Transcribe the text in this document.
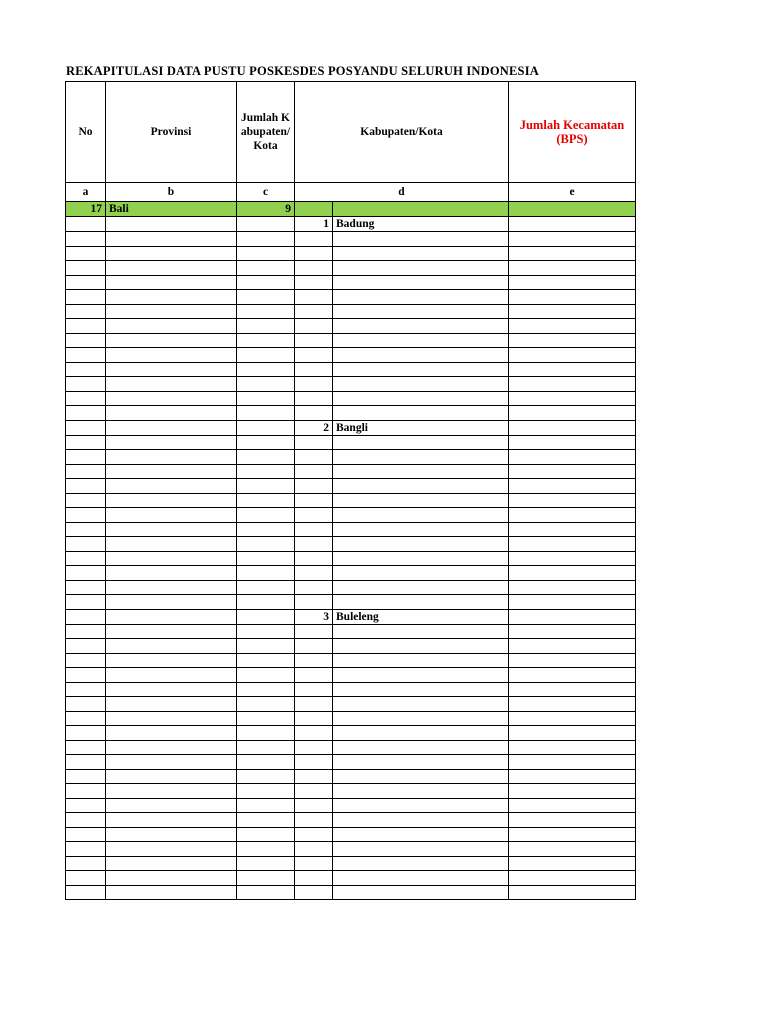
REKAPITULASI DATA PUSTU POSKESDES POSYANDU SELURUH INDONESIA
No	Provinsi	Jumlah Kabupaten/Kota	Kabupaten/Kota		Jumlah Kecamatan (BPS)
a	b	c	d		e
17	Bali	9			
			1	Badung	

			2	Bangli	

			3	Buleleng	
